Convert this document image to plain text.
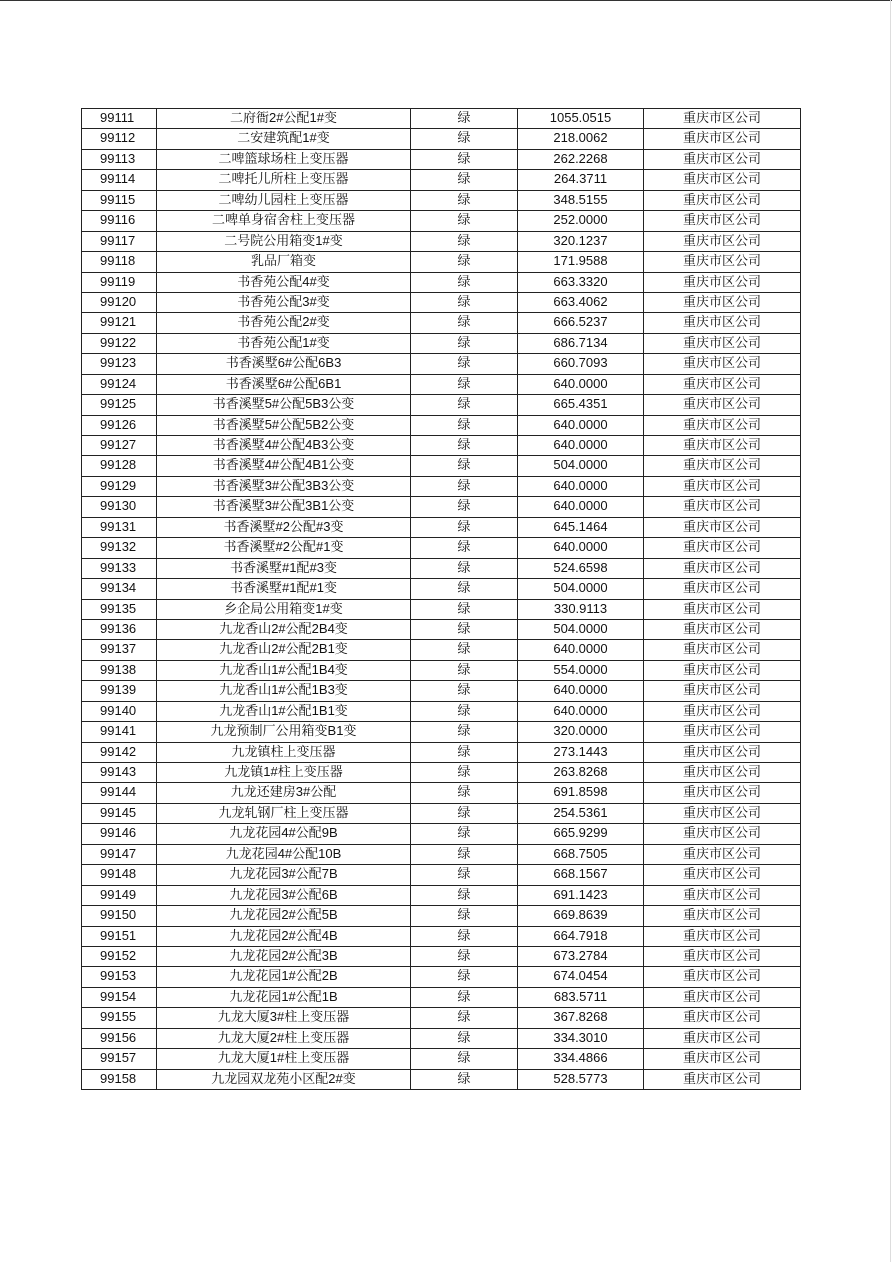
99111	二府衙2#公配1#变	绿	1055.0515	重庆市区公司
99112	二安建筑配1#变	绿	218.0062	重庆市区公司
99113	二啤篮球场柱上变压器	绿	262.2268	重庆市区公司
99114	二啤托儿所柱上变压器	绿	264.3711	重庆市区公司
99115	二啤幼儿园柱上变压器	绿	348.5155	重庆市区公司
99116	二啤单身宿舍柱上变压器	绿	252.0000	重庆市区公司
99117	二号院公用箱变1#变	绿	320.1237	重庆市区公司
99118	乳品厂箱变	绿	171.9588	重庆市区公司
99119	书香苑公配4#变	绿	663.3320	重庆市区公司
99120	书香苑公配3#变	绿	663.4062	重庆市区公司
99121	书香苑公配2#变	绿	666.5237	重庆市区公司
99122	书香苑公配1#变	绿	686.7134	重庆市区公司
99123	书香溪墅6#公配6B3	绿	660.7093	重庆市区公司
99124	书香溪墅6#公配6B1	绿	640.0000	重庆市区公司
99125	书香溪墅5#公配5B3公变	绿	665.4351	重庆市区公司
99126	书香溪墅5#公配5B2公变	绿	640.0000	重庆市区公司
99127	书香溪墅4#公配4B3公变	绿	640.0000	重庆市区公司
99128	书香溪墅4#公配4B1公变	绿	504.0000	重庆市区公司
99129	书香溪墅3#公配3B3公变	绿	640.0000	重庆市区公司
99130	书香溪墅3#公配3B1公变	绿	640.0000	重庆市区公司
99131	书香溪墅#2公配#3变	绿	645.1464	重庆市区公司
99132	书香溪墅#2公配#1变	绿	640.0000	重庆市区公司
99133	书香溪墅#1配#3变	绿	524.6598	重庆市区公司
99134	书香溪墅#1配#1变	绿	504.0000	重庆市区公司
99135	乡企局公用箱变1#变	绿	330.9113	重庆市区公司
99136	九龙香山2#公配2B4变	绿	504.0000	重庆市区公司
99137	九龙香山2#公配2B1变	绿	640.0000	重庆市区公司
99138	九龙香山1#公配1B4变	绿	554.0000	重庆市区公司
99139	九龙香山1#公配1B3变	绿	640.0000	重庆市区公司
99140	九龙香山1#公配1B1变	绿	640.0000	重庆市区公司
99141	九龙预制厂公用箱变B1变	绿	320.0000	重庆市区公司
99142	九龙镇柱上变压器	绿	273.1443	重庆市区公司
99143	九龙镇1#柱上变压器	绿	263.8268	重庆市区公司
99144	九龙还建房3#公配	绿	691.8598	重庆市区公司
99145	九龙轧钢厂柱上变压器	绿	254.5361	重庆市区公司
99146	九龙花园4#公配9B	绿	665.9299	重庆市区公司
99147	九龙花园4#公配10B	绿	668.7505	重庆市区公司
99148	九龙花园3#公配7B	绿	668.1567	重庆市区公司
99149	九龙花园3#公配6B	绿	691.1423	重庆市区公司
99150	九龙花园2#公配5B	绿	669.8639	重庆市区公司
99151	九龙花园2#公配4B	绿	664.7918	重庆市区公司
99152	九龙花园2#公配3B	绿	673.2784	重庆市区公司
99153	九龙花园1#公配2B	绿	674.0454	重庆市区公司
99154	九龙花园1#公配1B	绿	683.5711	重庆市区公司
99155	九龙大厦3#柱上变压器	绿	367.8268	重庆市区公司
99156	九龙大厦2#柱上变压器	绿	334.3010	重庆市区公司
99157	九龙大厦1#柱上变压器	绿	334.4866	重庆市区公司
99158	九龙园双龙苑小区配2#变	绿	528.5773	重庆市区公司
